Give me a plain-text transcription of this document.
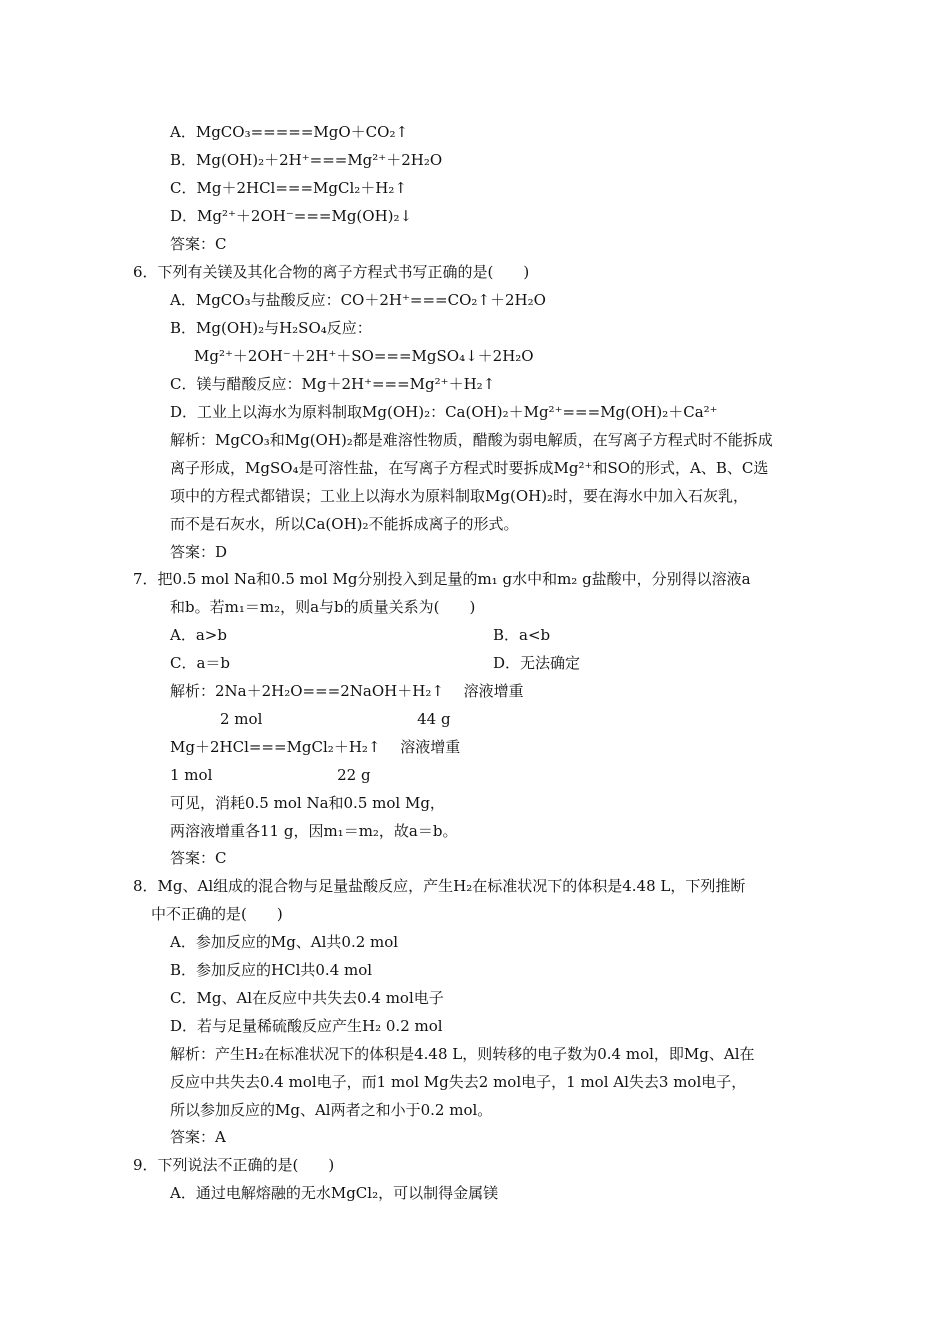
A．MgCO₃=====MgO＋CO₂↑
B．Mg(OH)₂＋2H⁺===Mg²⁺＋2H₂O
C．Mg＋2HCl===MgCl₂＋H₂↑
D．Mg²⁺＋2OH⁻===Mg(OH)₂↓
答案：C
6．下列有关镁及其化合物的离子方程式书写正确的是(　　)
A．MgCO₃与盐酸反应：CO＋2H⁺===CO₂↑＋2H₂O
B．Mg(OH)₂与H₂SO₄反应：
Mg²⁺＋2OH⁻＋2H⁺＋SO===MgSO₄↓＋2H₂O
C．镁与醋酸反应：Mg＋2H⁺===Mg²⁺＋H₂↑
D．工业上以海水为原料制取Mg(OH)₂：Ca(OH)₂＋Mg²⁺===Mg(OH)₂＋Ca²⁺
解析：MgCO₃和Mg(OH)₂都是难溶性物质，醋酸为弱电解质，在写离子方程式时不能拆成
离子形成，MgSO₄是可溶性盐，在写离子方程式时要拆成Mg²⁺和SO的形式，A、B、C选
项中的方程式都错误；工业上以海水为原料制取Mg(OH)₂时，要在海水中加入石灰乳，
而不是石灰水，所以Ca(OH)₂不能拆成离子的形式。
答案：D
7．把0.5 mol Na和0.5 mol Mg分别投入到足量的m₁ g水中和m₂ g盐酸中，分别得以溶液a
和b。若m₁＝m₂，则a与b的质量关系为(　　)
A．a>b	B．a<b
C．a＝b	D．无法确定
解析：2Na＋2H₂O===2NaOH＋H₂↑　 溶液增重
2 mol　　　　　　　　　　 44 g
Mg＋2HCl===MgCl₂＋H₂↑　 溶液增重
1 mol　　　　　　　　 22 g
可见，消耗0.5 mol Na和0.5 mol Mg，
两溶液增重各11 g，因m₁＝m₂，故a＝b。
答案：C
8．Mg、Al组成的混合物与足量盐酸反应，产生H₂在标准状况下的体积是4.48 L，下列推断
中不正确的是(　　)
A．参加反应的Mg、Al共0.2 mol
B．参加反应的HCl共0.4 mol
C．Mg、Al在反应中共失去0.4 mol电子
D．若与足量稀硫酸反应产生H₂ 0.2 mol
解析：产生H₂在标准状况下的体积是4.48 L，则转移的电子数为0.4 mol，即Mg、Al在
反应中共失去0.4 mol电子，而1 mol Mg失去2 mol电子，1 mol Al失去3 mol电子，
所以参加反应的Mg、Al两者之和小于0.2 mol。
答案：A
9．下列说法不正确的是(　　)
A．通过电解熔融的无水MgCl₂，可以制得金属镁
